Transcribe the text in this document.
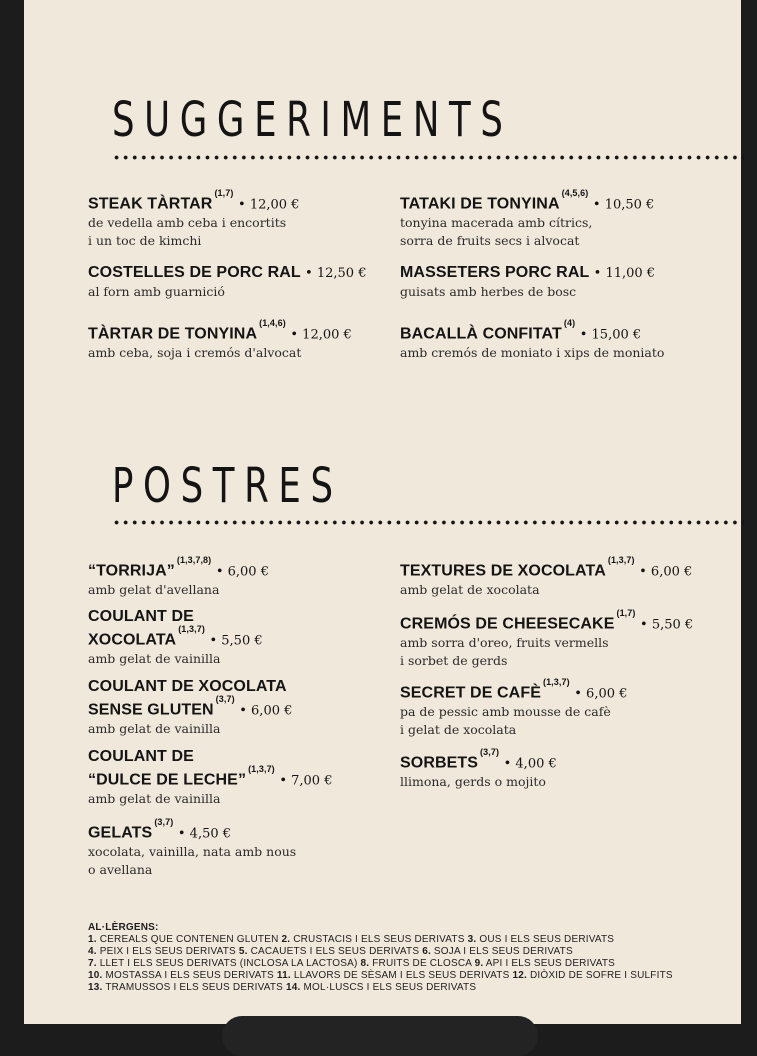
SUGGERIMENTS
POSTRES
STEAK TÀRTAR$^{(1,7)}$ • 12,00 €
de vedella amb ceba i encortits
i un toc de kimchi
TATAKI DE TONYINA$^{(4,5,6)}$ • 10,50 €
tonyina macerada amb cítrics,
sorra de fruits secs i alvocat
COSTELLES DE PORC RAL • 12,50 €
al forn amb guarnició
MASSETERS PORC RAL • 11,00 €
guisats amb herbes de bosc
TÀRTAR DE TONYINA$^{(1,4,6)}$ • 12,00 €
amb ceba, soja i cremós d'alvocat
BACALLÀ CONFITAT$^{(4)}$ • 15,00 €
amb cremós de moniato i xips de moniato
“TORRIJA”$^{(1,3,7,8)}$ • 6,00 €
amb gelat d'avellana
TEXTURES DE XOCOLATA$^{(1,3,7)}$ • 6,00 €
amb gelat de xocolata
COULANT DE
XOCOLATA$^{(1,3,7)}$ • 5,50 €
amb gelat de vainilla
CREMÓS DE CHEESECAKE$^{(1,7)}$ • 5,50 €
amb sorra d'oreo, fruits vermells
i sorbet de gerds
COULANT DE XOCOLATA
SENSE GLUTEN$^{(3,7)}$ • 6,00 €
amb gelat de vainilla
SECRET DE CAFÈ$^{(1,3,7)}$ • 6,00 €
pa de pessic amb mousse de cafè
i gelat de xocolata
COULANT DE
“DULCE DE LECHE”$^{(1,3,7)}$ • 7,00 €
amb gelat de vainilla
SORBETS$^{(3,7)}$ • 4,00 €
llimona, gerds o mojito
GELATS$^{(3,7)}$ • 4,50 €
xocolata, vainilla, nata amb nous
o avellana
AL·LÈRGENS:
1. CEREALS QUE CONTENEN GLUTEN 2. CRUSTACIS I ELS SEUS DERIVATS 3. OUS I ELS SEUS DERIVATS
4. PEIX I ELS SEUS DERIVATS 5. CACAUETS I ELS SEUS DERIVATS 6. SOJA I ELS SEUS DERIVATS
7. LLET I ELS SEUS DERIVATS (INCLOSA LA LACTOSA) 8. FRUITS DE CLOSCA 9. API I ELS SEUS DERIVATS
10. MOSTASSA I ELS SEUS DERIVATS 11. LLAVORS DE SÈSAM I ELS SEUS DERIVATS 12. DIÒXID DE SOFRE I SULFITS
13. TRAMUSSOS I ELS SEUS DERIVATS 14. MOL·LUSCS I ELS SEUS DERIVATS
